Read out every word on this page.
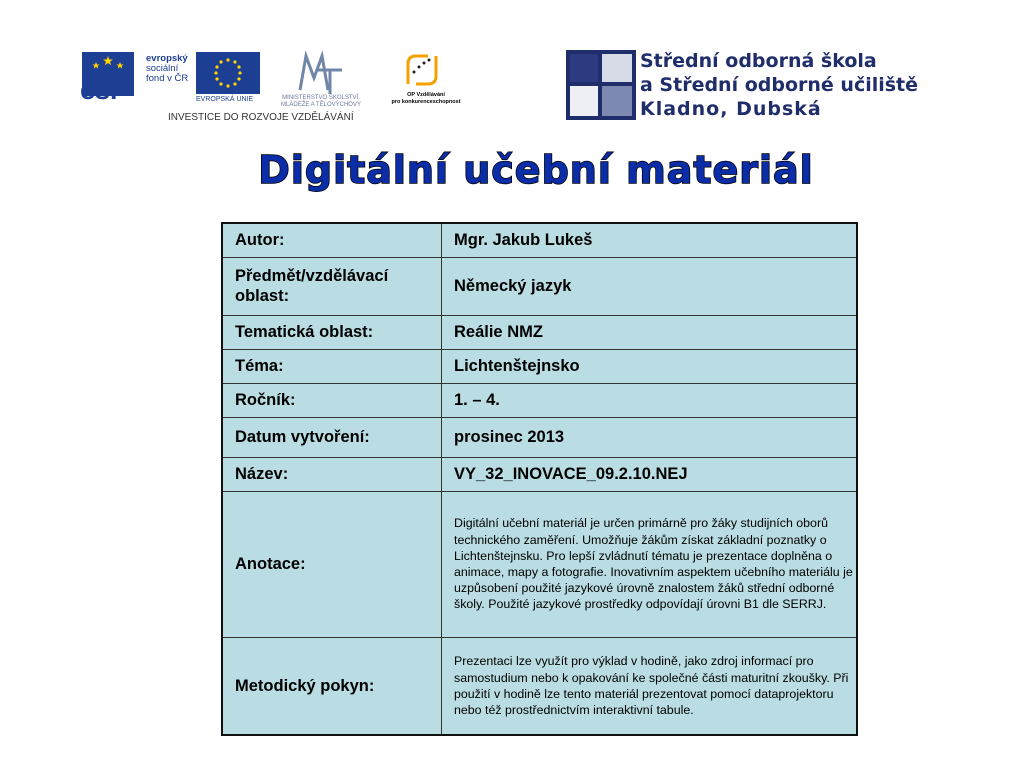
esf
evropský
sociální
fond v ČR
EVROPSKÁ UNIE	MINISTERSTVO ŠKOLSTVÍ,
MLÁDEŽE A TĚLOVÝCHOVY
OP Vzdělávání
pro konkurenceschopnost
INVESTICE DO ROZVOJE VZDĚLÁVÁNÍ
Střední odborná škola
a Střední odborné učiliště
Kladno, Dubská
Digitální učební materiál
Autor:	Mgr. Jakub Lukeš
Předmět/vzdělávací oblast:	Německý jazyk
Tematická oblast:	Reálie NMZ
Téma:	Lichtenštejnsko
Ročník:	1. – 4.
Datum vytvoření:	prosinec 2013
Název:	VY_32_INOVACE_09.2.10.NEJ
Anotace:	Digitální učební materiál je určen primárně pro žáky studijních oborů technického zaměření. Umožňuje žákům získat základní poznatky o Lichtenštejnsku. Pro lepší zvládnutí tématu je prezentace doplněna o animace, mapy a fotografie. Inovativním aspektem učebního materiálu je uzpůsobení použité jazykové úrovně znalostem žáků střední odborné školy. Použité jazykové prostředky odpovídají úrovni B1 dle SERRJ.
Metodický pokyn:	Prezentaci lze využít pro výklad v hodině, jako zdroj informací pro samostudium nebo k opakování ke společné části maturitní zkoušky. Při použití v hodině lze tento materiál prezentovat pomocí dataprojektoru nebo též prostřednictvím interaktivní tabule.
